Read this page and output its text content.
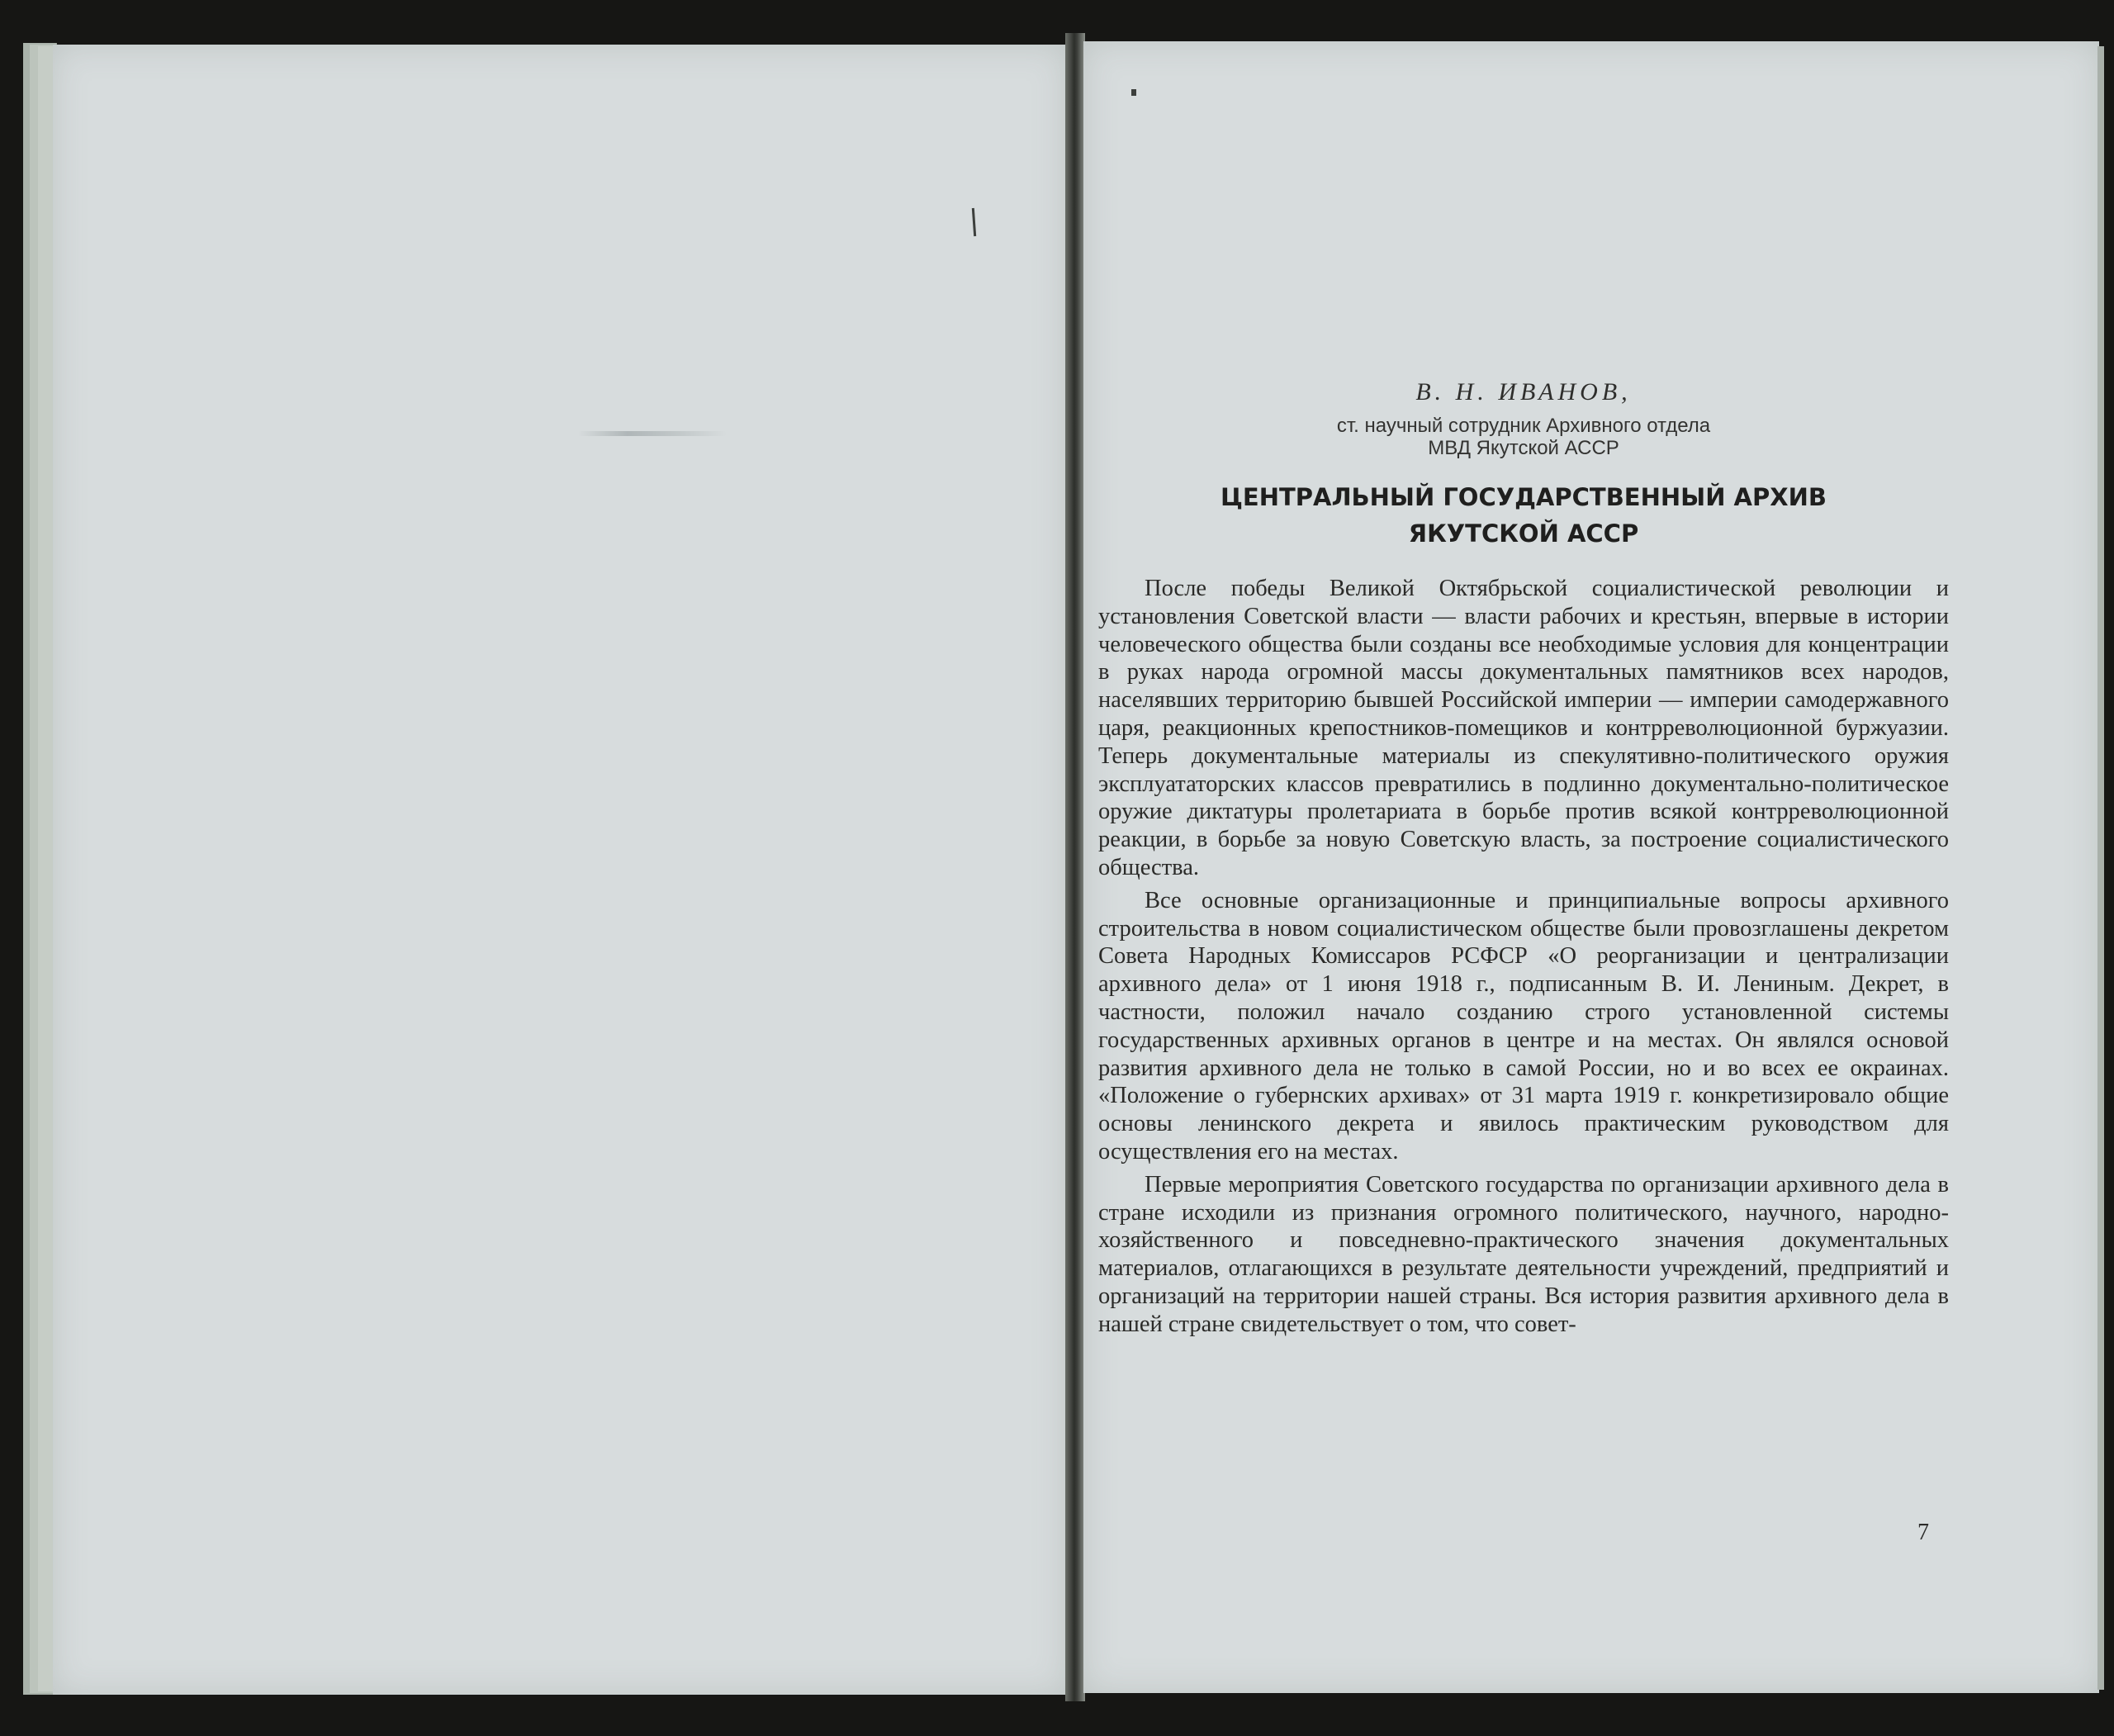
В. Н. ИВАНОВ,
ст. научный сотрудник Архивного отдела
МВД Якутской АССР
ЦЕНТРАЛЬНЫЙ ГОСУДАРСТВЕННЫЙ АРХИВ
ЯКУТСКОЙ АССР

После победы Великой Октябрьской социалистической революции и установления Советской власти — власти рабочих и крестьян, впервые в истории человеческого общества были созданы все необходимые условия для концентрации в руках народа огромной массы документальных памятников всех народов, населявших территорию бывшей Российской империи — империи самодержавного царя, реакционных крепостников-помещиков и контрреволюционной буржуазии. Теперь документальные материалы из спекулятивно-политического оружия эксплуататорских классов превратились в подлинно документально-политическое оружие диктатуры пролетариата в борьбе против всякой контрреволюционной реакции, в борьбе за новую Советскую власть, за построение социалистического общества.

Все основные организационные и принципиальные вопросы архивного строительства в новом социалистическом обществе были провозглашены декретом Совета Народных Комиссаров РСФСР «О реорганизации и централизации архивного дела» от 1 июня 1918 г., подписанным В. И. Лениным. Декрет, в частности, положил начало созданию строго установленной системы государственных архивных органов в центре и на местах. Он являлся основой развития архивного дела не только в самой России, но и во всех ее окраинах. «Положение о губернских архивах» от 31 марта 1919 г. конкретизировало общие основы ленинского декрета и явилось практическим руководством для осуществления его на местах.

Первые мероприятия Советского государства по организации архивного дела в стране исходили из признания огромного политического, научного, народно-хозяйственного и повседневно-практического значения документальных материалов, отлагающихся в результате деятельности учреждений, предприятий и организаций на территории нашей страны. Вся история развития архивного дела в нашей стране свидетельствует о том, что совет-

7
